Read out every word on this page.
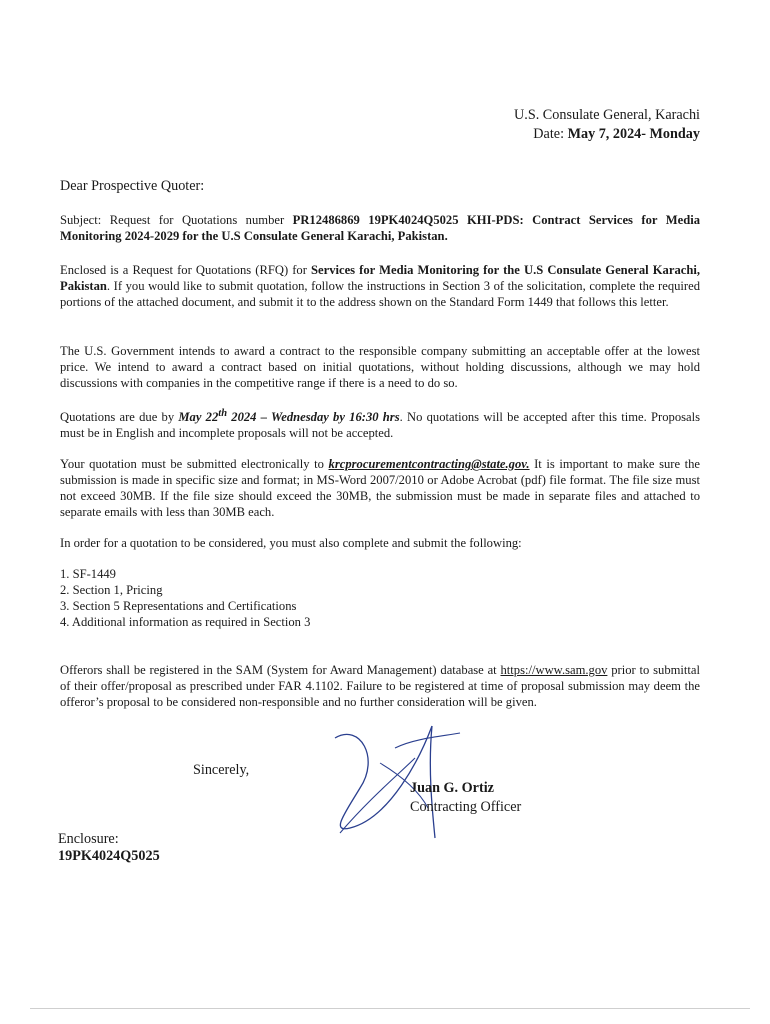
U.S. Consulate General, Karachi
Date: May 7, 2024- Monday
Dear Prospective Quoter:

Subject: Request for Quotations number PR12486869 19PK4024Q5025 KHI-PDS: Contract Services for Media Monitoring 2024-2029 for the U.S Consulate General Karachi, Pakistan.

Enclosed is a Request for Quotations (RFQ) for Services for Media Monitoring for the U.S Consulate General Karachi, Pakistan. If you would like to submit quotation, follow the instructions in Section 3 of the solicitation, complete the required portions of the attached document, and submit it to the address shown on the Standard Form 1449 that follows this letter.

The U.S. Government intends to award a contract to the responsible company submitting an acceptable offer at the lowest price. We intend to award a contract based on initial quotations, without holding discussions, although we may hold discussions with companies in the competitive range if there is a need to do so.

Quotations are due by May 22th 2024 – Wednesday by 16:30 hrs. No quotations will be accepted after this time. Proposals must be in English and incomplete proposals will not be accepted.

Your quotation must be submitted electronically to krcprocurementcontracting@state.gov. It is important to make sure the submission is made in specific size and format; in MS-Word 2007/2010 or Adobe Acrobat (pdf) file format. The file size must not exceed 30MB. If the file size should exceed the 30MB, the submission must be made in separate files and attached to separate emails with less than 30MB each.

In order for a quotation to be considered, you must also complete and submit the following:

1. SF-1449
2. Section 1, Pricing
3. Section 5 Representations and Certifications
4. Additional information as required in Section 3

Offerors shall be registered in the SAM (System for Award Management) database at https://www.sam.gov prior to submittal of their offer/proposal as prescribed under FAR 4.1102. Failure to be registered at time of proposal submission may deem the offeror’s proposal to be considered non-responsible and no further consideration will be given.

Sincerely,
Juan G. Ortiz
Contracting Officer
Enclosure:
19PK4024Q5025
